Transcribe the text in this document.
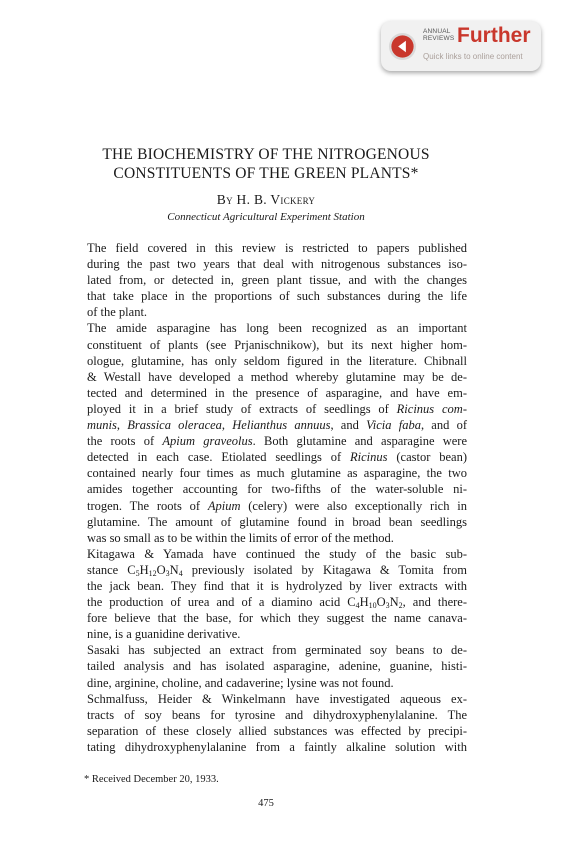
ANNUAL
REVIEWS Further
Quick links to online content
THE BIOCHEMISTRY OF THE NITROGENOUS
CONSTITUENTS OF THE GREEN PLANTS*
By H. B. Vickery
Connecticut Agricultural Experiment Station

The field covered in this review is restricted to papers published
during the past two years that deal with nitrogenous substances iso-
lated from, or detected in, green plant tissue, and with the changes
that take place in the proportions of such substances during the life
of the plant.

The amide asparagine has long been recognized as an important
constituent of plants (see Prjanischnikow), but its next higher hom-
ologue, glutamine, has only seldom figured in the literature. Chibnall
& Westall have developed a method whereby glutamine may be de-
tected and determined in the presence of asparagine, and have em-
ployed it in a brief study of extracts of seedlings of Ricinus com-
munis, Brassica oleracea, Helianthus annuus, and Vicia faba, and of
the roots of Apium graveolus. Both glutamine and asparagine were
detected in each case. Etiolated seedlings of Ricinus (castor bean)
contained nearly four times as much glutamine as asparagine, the two
amides together accounting for two-fifths of the water-soluble ni-
trogen. The roots of Apium (celery) were also exceptionally rich in
glutamine. The amount of glutamine found in broad bean seedlings
was so small as to be within the limits of error of the method.

Kitagawa & Yamada have continued the study of the basic sub-
stance $C_5H_{12}O_3N_4$ previously isolated by Kitagawa & Tomita from
the jack bean. They find that it is hydrolyzed by liver extracts with
the production of urea and of a diamino acid $C_4H_{10}O_3N_2$, and there-
fore believe that the base, for which they suggest the name canava-
nine, is a guanidine derivative.

Sasaki has subjected an extract from germinated soy beans to de-
tailed analysis and has isolated asparagine, adenine, guanine, histi-
dine, arginine, choline, and cadaverine; lysine was not found.

Schmalfuss, Heider & Winkelmann have investigated aqueous ex-
tracts of soy beans for tyrosine and dihydroxyphenylalanine. The
separation of these closely allied substances was effected by precipi-
tating dihydroxyphenylalanine from a faintly alkaline solution with

* Received December 20, 1933.
475
